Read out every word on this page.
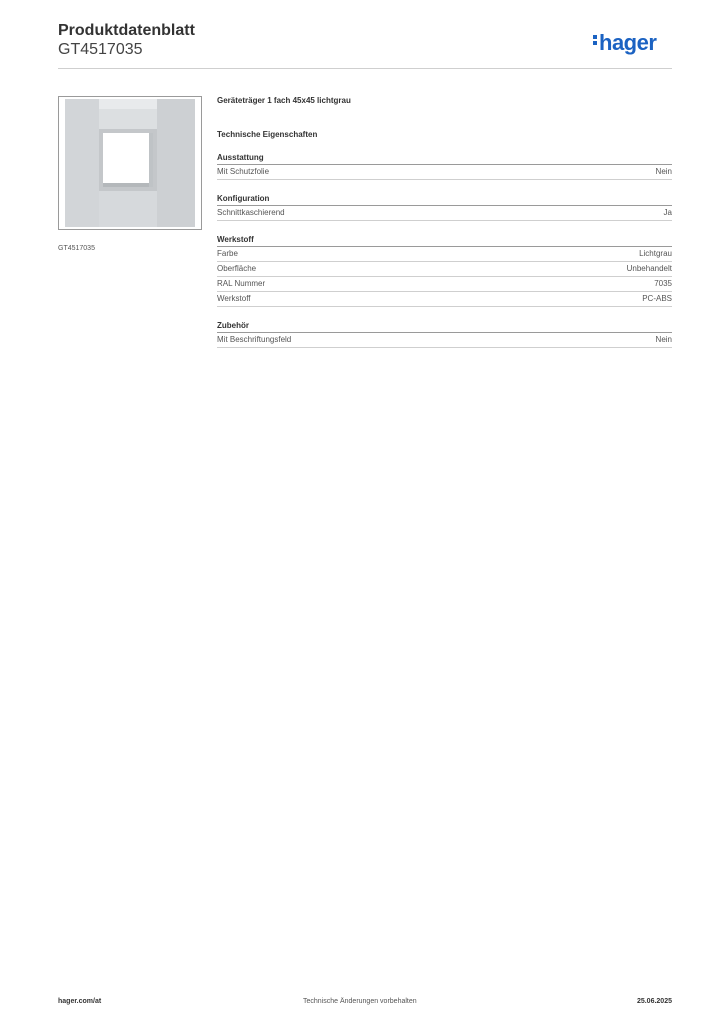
Produktdatenblatt
GT4517035	hager
GT4517035
Geräteträger 1 fach 45x45 lichtgrau
Technische Eigenschaften
Ausstattung
Mit Schutzfolie	Nein
Konfiguration
Schnittkaschierend	Ja
Werkstoff
Farbe	Lichtgrau
Oberfläche	Unbehandelt
RAL Nummer	7035
Werkstoff	PC-ABS
Zubehör
Mit Beschriftungsfeld	Nein
hager.com/at	Technische Änderungen vorbehalten	25.06.2025
